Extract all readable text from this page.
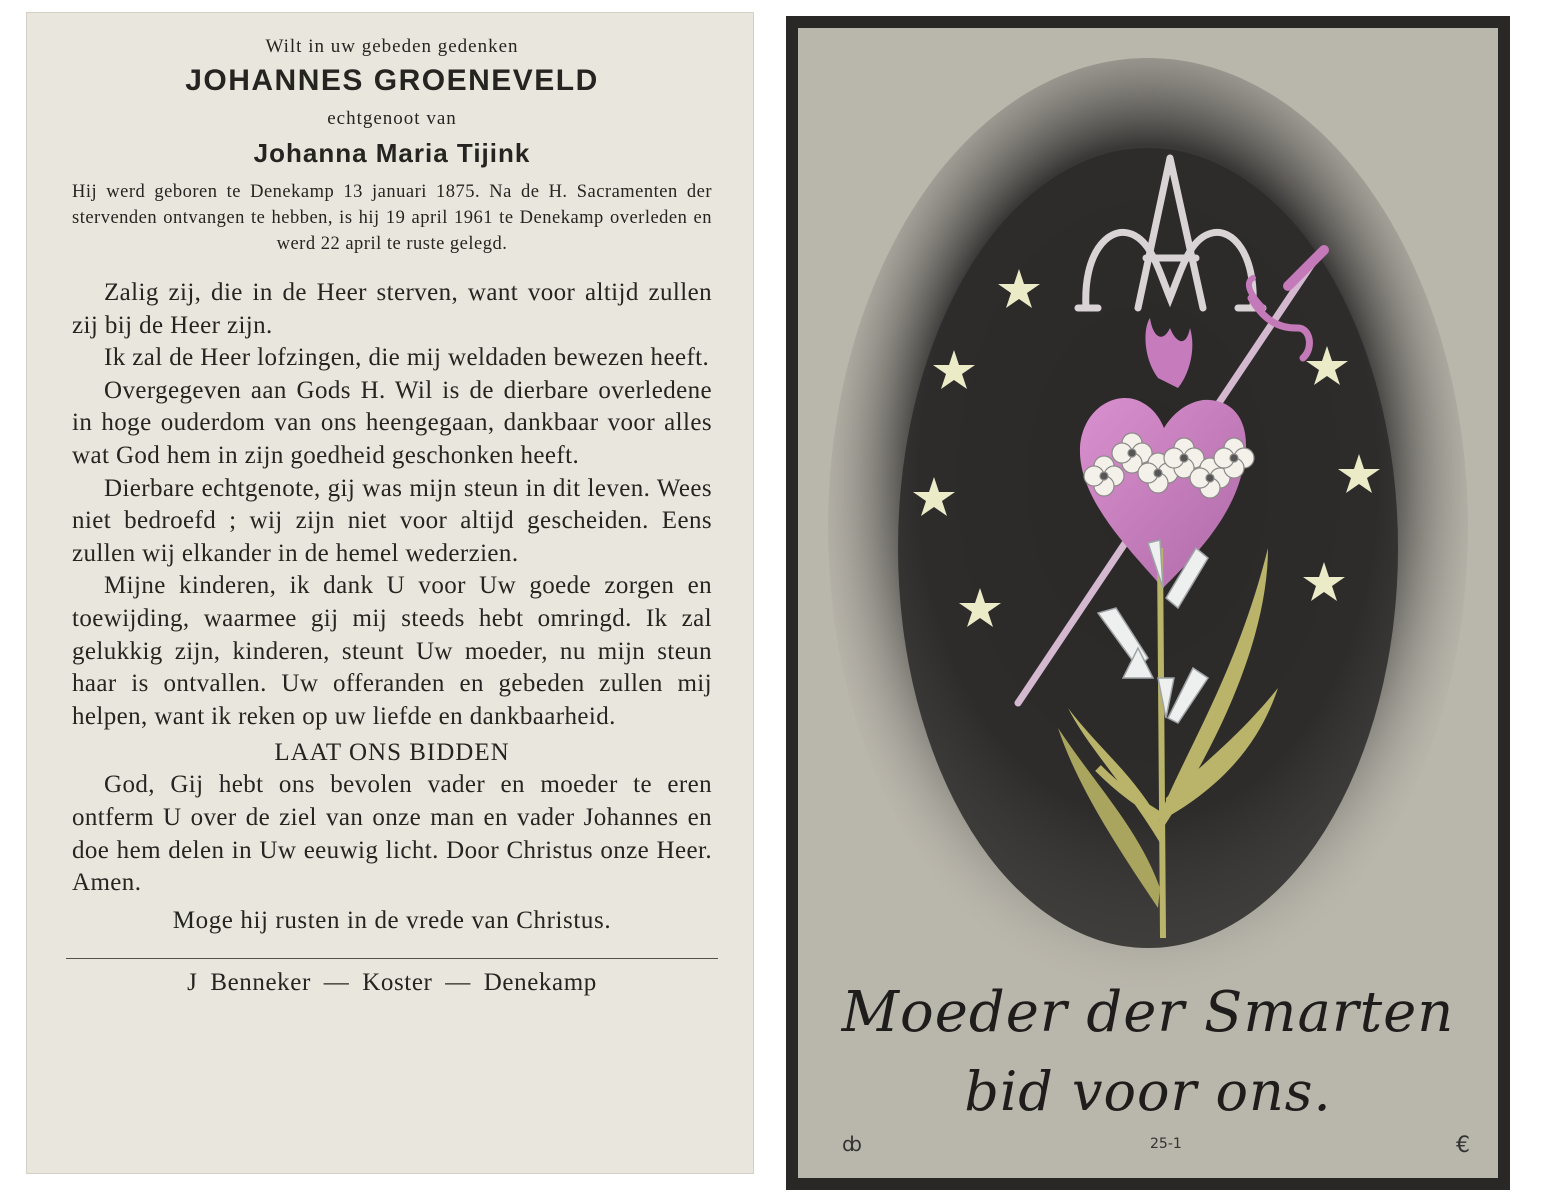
Wilt in uw gebeden gedenken
JOHANNES GROENEVELD
echtgenoot van
Johanna Maria Tijink

Hij werd geboren te Denekamp 13 januari 1875. Na de H. Sacramenten der stervenden ontvangen te hebben, is hij 19 april 1961 te Denekamp overleden en werd 22 april te ruste gelegd.

Zalig zij, die in de Heer sterven, want voor altijd zullen zij bij de Heer zijn.

Ik zal de Heer lofzingen, die mij weldaden bewezen heeft.

Overgegeven aan Gods H. Wil is de dierbare overledene in hoge ouderdom van ons heengegaan, dankbaar voor alles wat God hem in zijn goedheid geschonken heeft.

Dierbare echtgenote, gij was mijn steun in dit leven. Wees niet bedroefd ; wij zijn niet voor altijd gescheiden. Eens zullen wij elkander in de hemel wederzien.

Mijne kinderen, ik dank U voor Uw goede zorgen en toewijding, waarmee gij mij steeds hebt omringd. Ik zal gelukkig zijn, kinderen, steunt Uw moeder, nu mijn steun haar is ontvallen. Uw offeranden en gebeden zullen mij helpen, want ik reken op uw liefde en dankbaarheid.

LAAT ONS BIDDEN

God, Gij hebt ons bevolen vader en moeder te eren ontferm U over de ziel van onze man en vader Johannes en doe hem delen in Uw eeuwig licht. Door Christus onze Heer. Amen.

Moge hij rusten in de vrede van Christus.
J Benneker — Koster — Denekamp	Moeder der Smarten
bid voor ons.
ȸ	25-1	€
